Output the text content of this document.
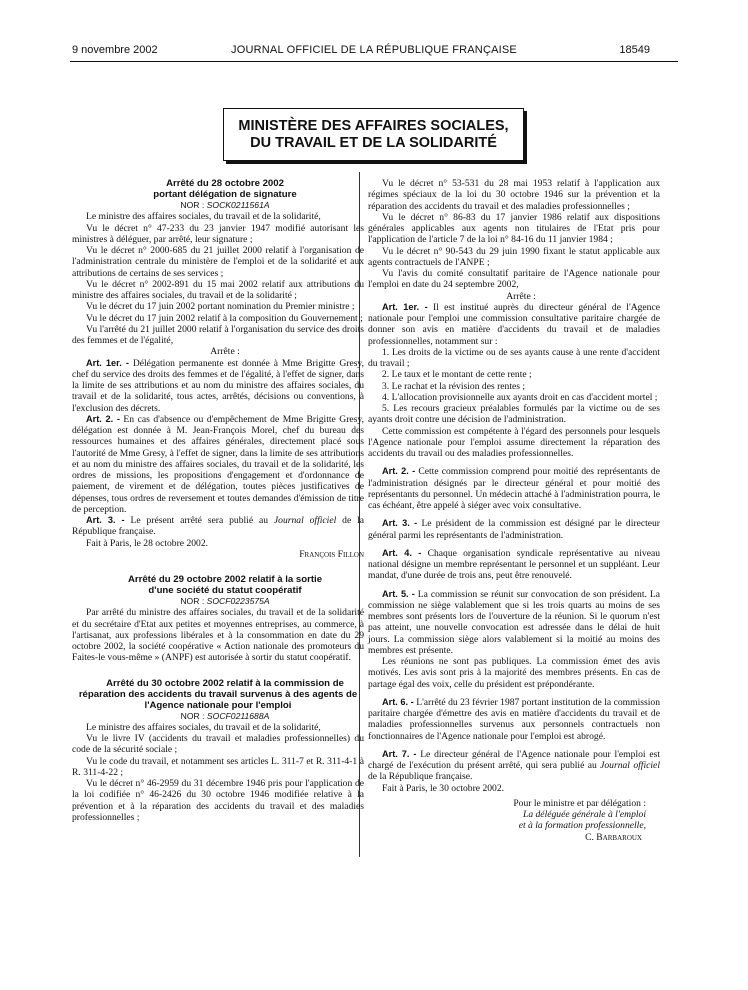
9 novembre 2002	JOURNAL OFFICIEL DE LA RÉPUBLIQUE FRANÇAISE	18549
MINISTÈRE DES AFFAIRES SOCIALES,
DU TRAVAIL ET DE LA SOLIDARITÉ

Arrêté du 28 octobre 2002

portant délégation de signature

NOR : SOCK0211561A

Le ministre des affaires sociales, du travail et de la solidarité,

Vu le décret n° 47-233 du 23 janvier 1947 modifié autorisant les ministres à déléguer, par arrêté, leur signature ;

Vu le décret n° 2000-685 du 21 juillet 2000 relatif à l'organisation de l'administration centrale du ministère de l'emploi et de la solidarité et aux attributions de certains de ses services ;

Vu le décret n° 2002-891 du 15 mai 2002 relatif aux attributions du ministre des affaires sociales, du travail et de la solidarité ;

Vu le décret du 17 juin 2002 portant nomination du Premier ministre ;

Vu le décret du 17 juin 2002 relatif à la composition du Gouvernement ;

Vu l'arrêté du 21 juillet 2000 relatif à l'organisation du service des droits des femmes et de l'égalité,

Arrête :

Art. 1er. - Délégation permanente est donnée à Mme Brigitte Gresy, chef du service des droits des femmes et de l'égalité, à l'effet de signer, dans la limite de ses attributions et au nom du ministre des affaires sociales, du travail et de la solidarité, tous actes, arrêtés, décisions ou conventions, à l'exclusion des décrets.

Art. 2. - En cas d'absence ou d'empêchement de Mme Brigitte Gresy, délégation est donnée à M. Jean-François Morel, chef du bureau des ressources humaines et des affaires générales, directement placé sous l'autorité de Mme Gresy, à l'effet de signer, dans la limite de ses attributions et au nom du ministre des affaires sociales, du travail et de la solidarité, les ordres de missions, les propositions d'engagement et d'ordonnance de paiement, de virement et de délégation, toutes pièces justificatives de dépenses, tous ordres de reversement et toutes demandes d'émission de titre de perception.

Art. 3. - Le présent arrêté sera publié au Journal officiel de la République française.

Fait à Paris, le 28 octobre 2002.

François Fillon

Arrêté du 29 octobre 2002 relatif à la sortie

d'une société du statut coopératif

NOR : SOCF0223575A

Par arrêté du ministre des affaires sociales, du travail et de la solidarité et du secrétaire d'Etat aux petites et moyennes entreprises, au commerce, à l'artisanat, aux professions libérales et à la consommation en date du 29 octobre 2002, la société coopérative « Action nationale des promoteurs du Faites-le vous-même » (ANPF) est autorisée à sortir du statut coopératif.

Arrêté du 30 octobre 2002 relatif à la commission de réparation des accidents du travail survenus à des agents de l'Agence nationale pour l'emploi

NOR : SOCF0211688A

Le ministre des affaires sociales, du travail et de la solidarité,

Vu le livre IV (accidents du travail et maladies professionnelles) du code de la sécurité sociale ;

Vu le code du travail, et notamment ses articles L. 311-7 et R. 311-4-1 à R. 311-4-22 ;

Vu le décret n° 46-2959 du 31 décembre 1946 pris pour l'application de la loi codifiée n° 46-2426 du 30 octobre 1946 modifiée relative à la prévention et à la réparation des accidents du travail et des maladies professionnelles ;

Vu le décret n° 53-531 du 28 mai 1953 relatif à l'application aux régimes spéciaux de la loi du 30 octobre 1946 sur la prévention et la réparation des accidents du travail et des maladies professionnelles ;

Vu le décret n° 86-83 du 17 janvier 1986 relatif aux dispositions générales applicables aux agents non titulaires de l'Etat pris pour l'application de l'article 7 de la loi n° 84-16 du 11 janvier 1984 ;

Vu le décret n° 90-543 du 29 juin 1990 fixant le statut applicable aux agents contractuels de l'ANPE ;

Vu l'avis du comité consultatif paritaire de l'Agence nationale pour l'emploi en date du 24 septembre 2002,

Arrête :

Art. 1er. - Il est institué auprès du directeur général de l'Agence nationale pour l'emploi une commission consultative paritaire chargée de donner son avis en matière d'accidents du travail et de maladies professionnelles, notamment sur :

1. Les droits de la victime ou de ses ayants cause à une rente d'accident du travail ;

2. Le taux et le montant de cette rente ;

3. Le rachat et la révision des rentes ;

4. L'allocation provisionnelle aux ayants droit en cas d'accident mortel ;

5. Les recours gracieux préalables formulés par la victime ou de ses ayants droit contre une décision de l'administration.

Cette commission est compétente à l'égard des personnels pour lesquels l'Agence nationale pour l'emploi assume directement la réparation des accidents du travail ou des maladies professionnelles.

Art. 2. - Cette commission comprend pour moitié des représentants de l'administration désignés par le directeur général et pour moitié des représentants du personnel. Un médecin attaché à l'administration pourra, le cas échéant, être appelé à siéger avec voix consultative.

Art. 3. - Le président de la commission est désigné par le directeur général parmi les représentants de l'administration.

Art. 4. - Chaque organisation syndicale représentative au niveau national désigne un membre représentant le personnel et un suppléant. Leur mandat, d'une durée de trois ans, peut être renouvelé.

Art. 5. - La commission se réunit sur convocation de son président. La commission ne siège valablement que si les trois quarts au moins de ses membres sont présents lors de l'ouverture de la réunion. Si le quorum n'est pas atteint, une nouvelle convocation est adressée dans le délai de huit jours. La commission siège alors valablement si la moitié au moins des membres est présente.

Les réunions ne sont pas publiques. La commission émet des avis motivés. Les avis sont pris à la majorité des membres présents. En cas de partage égal des voix, celle du président est prépondérante.

Art. 6. - L'arrêté du 23 février 1987 portant institution de la commission paritaire chargée d'émettre des avis en matière d'accidents du travail et de maladies professionnelles survenus aux personnels contractuels non fonctionnaires de l'Agence nationale pour l'emploi est abrogé.

Art. 7. - Le directeur général de l'Agence nationale pour l'emploi est chargé de l'exécution du présent arrêté, qui sera publié au Journal officiel de la République française.

Fait à Paris, le 30 octobre 2002.

Pour le ministre et par délégation :
La déléguée générale à l'emploi
et à la formation professionnelle,
C. Barbaroux
